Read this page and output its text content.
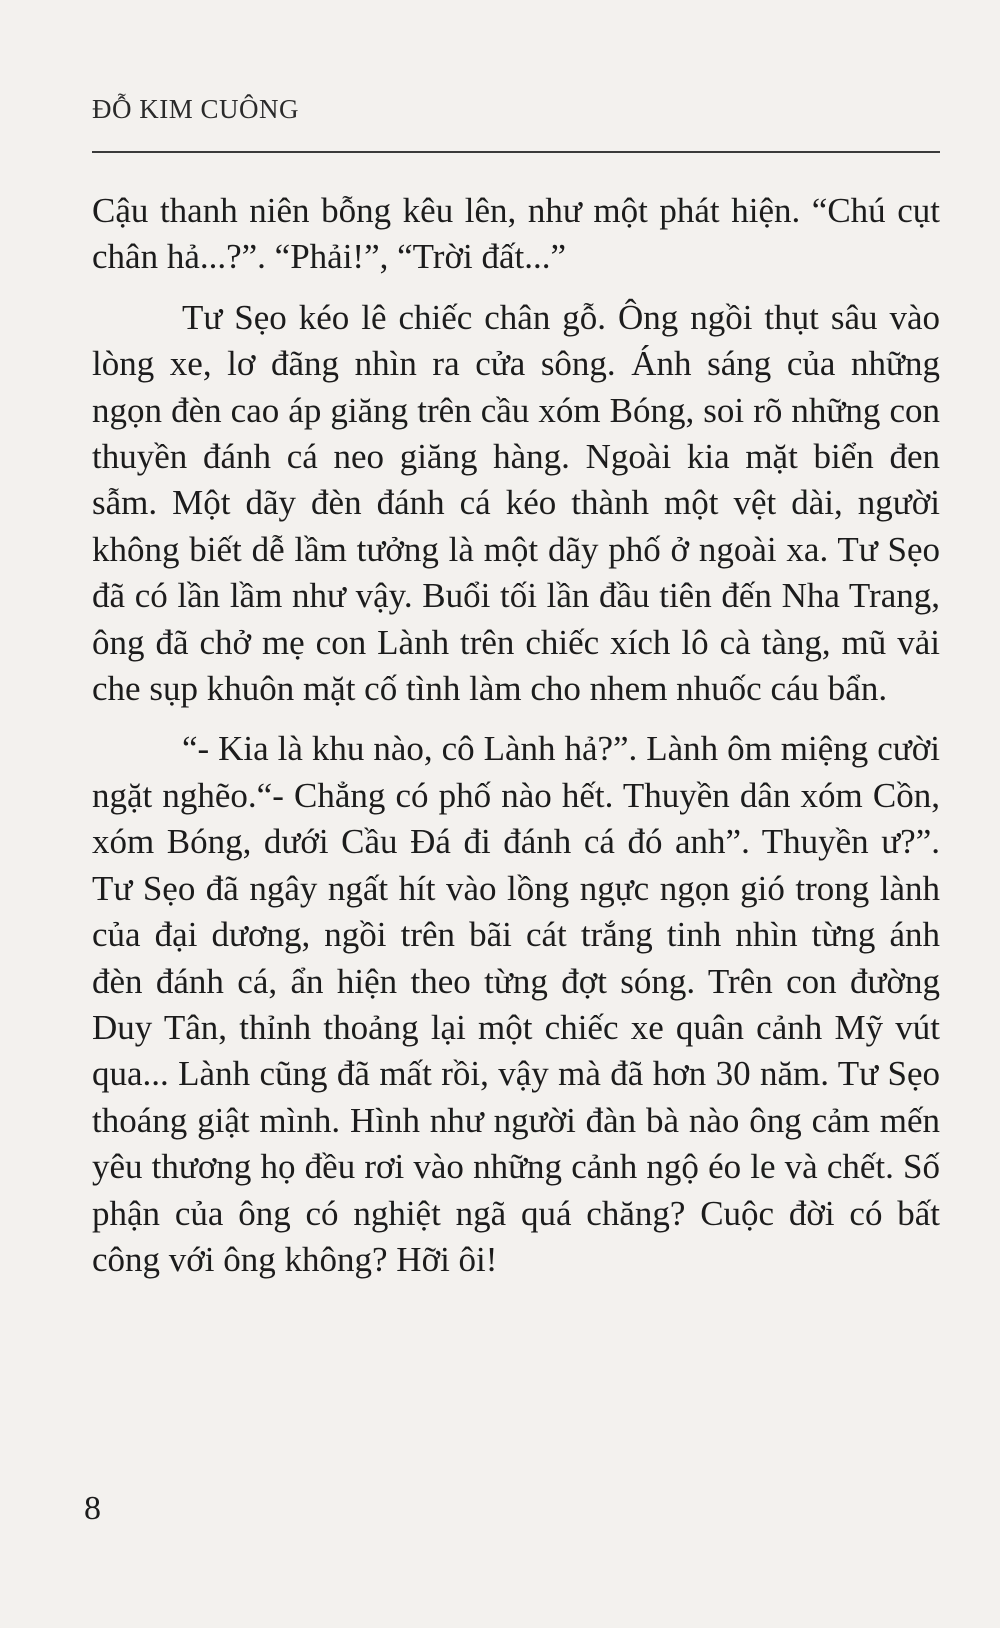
ĐỖ KIM CUÔNG

Cậu thanh niên bỗng kêu lên, như một phát hiện. “Chú cụt chân hả...?”. “Phải!”, “Trời đất...”

Tư Sẹo kéo lê chiếc chân gỗ. Ông ngồi thụt sâu vào lòng xe, lơ đãng nhìn ra cửa sông. Ánh sáng của những ngọn đèn cao áp giăng trên cầu xóm Bóng, soi rõ những con thuyền đánh cá neo giăng hàng. Ngoài kia mặt biển đen sẫm. Một dãy đèn đánh cá kéo thành một vệt dài, người không biết dễ lầm tưởng là một dãy phố ở ngoài xa. Tư Sẹo đã có lần lầm như vậy. Buổi tối lần đầu tiên đến Nha Trang, ông đã chở mẹ con Lành trên chiếc xích lô cà tàng, mũ vải che sụp khuôn mặt cố tình làm cho nhem nhuốc cáu bẩn.

“- Kia là khu nào, cô Lành hả?”. Lành ôm miệng cười ngặt nghẽo.“- Chẳng có phố nào hết. Thuyền dân xóm Cồn, xóm Bóng, dưới Cầu Đá đi đánh cá đó anh”. Thuyền ư?”. Tư Sẹo đã ngây ngất hít vào lồng ngực ngọn gió trong lành của đại dương, ngồi trên bãi cát trắng tinh nhìn từng ánh đèn đánh cá, ẩn hiện theo từng đợt sóng. Trên con đường Duy Tân, thỉnh thoảng lại một chiếc xe quân cảnh Mỹ vút qua... Lành cũng đã mất rồi, vậy mà đã hơn 30 năm. Tư Sẹo thoáng giật mình. Hình như người đàn bà nào ông cảm mến yêu thương họ đều rơi vào những cảnh ngộ éo le và chết. Số phận của ông có nghiệt ngã quá chăng? Cuộc đời có bất công với ông không? Hỡi ôi!

8
